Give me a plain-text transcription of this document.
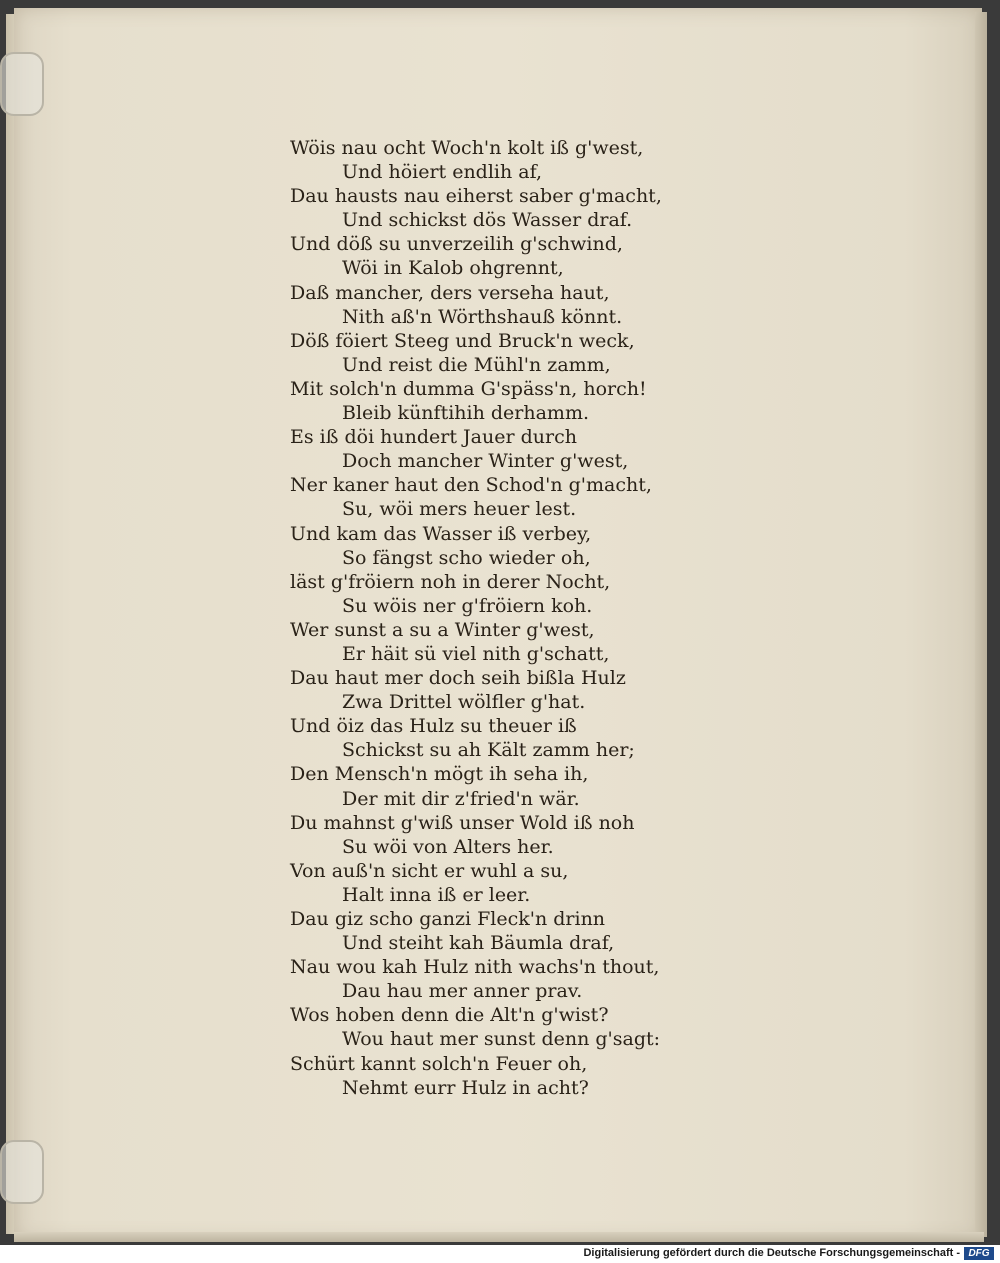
Wöis nau ocht Woch'n kolt iß g'west,
Und höiert endlih af,
Dau hausts nau eiherst saber g'macht,
Und schickst dös Wasser draf.
Und döß su unverzeilih g'schwind,
Wöi in Kalob ohgrennt,
Daß mancher, ders verseha haut,
Nith aß'n Wörthshauß könnt.
Döß föiert Steeg und Bruck'n weck,
Und reist die Mühl'n zamm,
Mit solch'n dumma G'späss'n, horch!
Bleib künftihih derhamm.
Es iß döi hundert Jauer durch
Doch mancher Winter g'west,
Ner kaner haut den Schod'n g'macht,
Su, wöi mers heuer lest.
Und kam das Wasser iß verbey,
So fängst scho wieder oh,
läst g'fröiern noh in derer Nocht,
Su wöis ner g'fröiern koh.
Wer sunst a su a Winter g'west,
Er häit sü viel nith g'schatt,
Dau haut mer doch seih bißla Hulz
Zwa Drittel wölfler g'hat.
Und öiz das Hulz su theuer iß
Schickst su ah Kält zamm her;
Den Mensch'n mögt ih seha ih,
Der mit dir z'fried'n wär.
Du mahnst g'wiß unser Wold iß noh
Su wöi von Alters her.
Von auß'n sicht er wuhl a su,
Halt inna iß er leer.
Dau giz scho ganzi Fleck'n drinn
Und steiht kah Bäumla draf,
Nau wou kah Hulz nith wachs'n thout,
Dau hau mer anner prav.
Wos hoben denn die Alt'n g'wist?
Wou haut mer sunst denn g'sagt:
Schürt kannt solch'n Feuer oh,
Nehmt eurr Hulz in acht?
Digitalisierung gefördert durch die Deutsche Forschungsgemeinschaft - DFG
